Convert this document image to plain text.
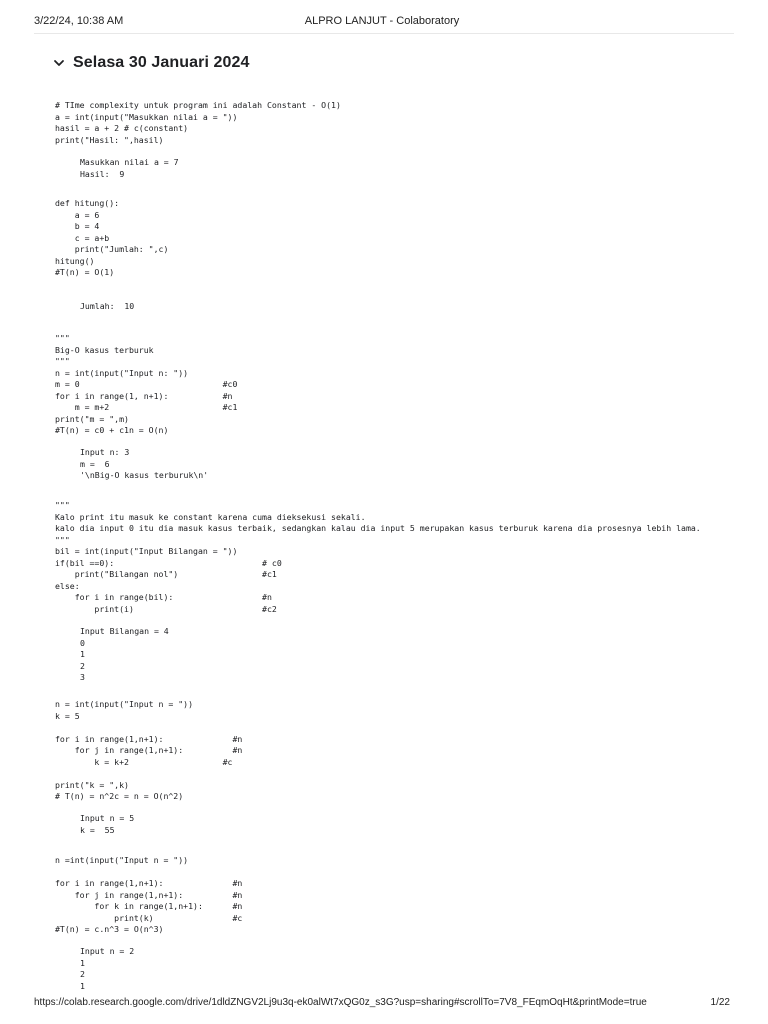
3/22/24, 10:38 AM	ALPRO LANJUT - Colaboratory
Selasa 30 Januari 2024
# TIme complexity untuk program ini adalah Constant - O(1)
a = int(input("Masukkan nilai a = "))
hasil = a + 2 # c(constant)
print("Hasil: ",hasil)
Masukkan nilai a = 7
Hasil:  9
def hitung():
a = 6
b = 4
c = a+b
print("Jumlah: ",c)
hitung()
#T(n) = O(1)
Jumlah:  10
"""
Big-O kasus terburuk
"""
n = int(input("Input n: "))
m = 0                             #c0
for i in range(1, n+1):           #n
m = m+2                       #c1
print("m = ",m)
#T(n) = c0 + c1n = O(n)
Input n: 3
m =  6
'\nBig-O kasus terburuk\n'
"""
Kalo print itu masuk ke constant karena cuma dieksekusi sekali.
kalo dia input 0 itu dia masuk kasus terbaik, sedangkan kalau dia input 5 merupakan kasus terburuk karena dia prosesnya lebih lama.
"""
bil = int(input("Input Bilangan = "))
if(bil ==0):                              # c0
print("Bilangan nol")                 #c1
else:
for i in range(bil):                  #n
print(i)                          #c2
Input Bilangan = 4
0
1
2
3
n = int(input("Input n = "))
k = 5

for i in range(1,n+1):              #n
for j in range(1,n+1):          #n
k = k+2                   #c

print("k = ",k)
# T(n) = n^2c = n = O(n^2)
Input n = 5
k =  55
n =int(input("Input n = "))

for i in range(1,n+1):              #n
for j in range(1,n+1):          #n
for k in range(1,n+1):      #n
print(k)                #c
#T(n) = c.n^3 = O(n^3)
Input n = 2
1
2
1
https://colab.research.google.com/drive/1dldZNGV2Lj9u3q-ek0alWt7xQG0z_s3G?usp=sharing#scrollTo=7V8_FEqmOqHt&printMode=true	1/22
